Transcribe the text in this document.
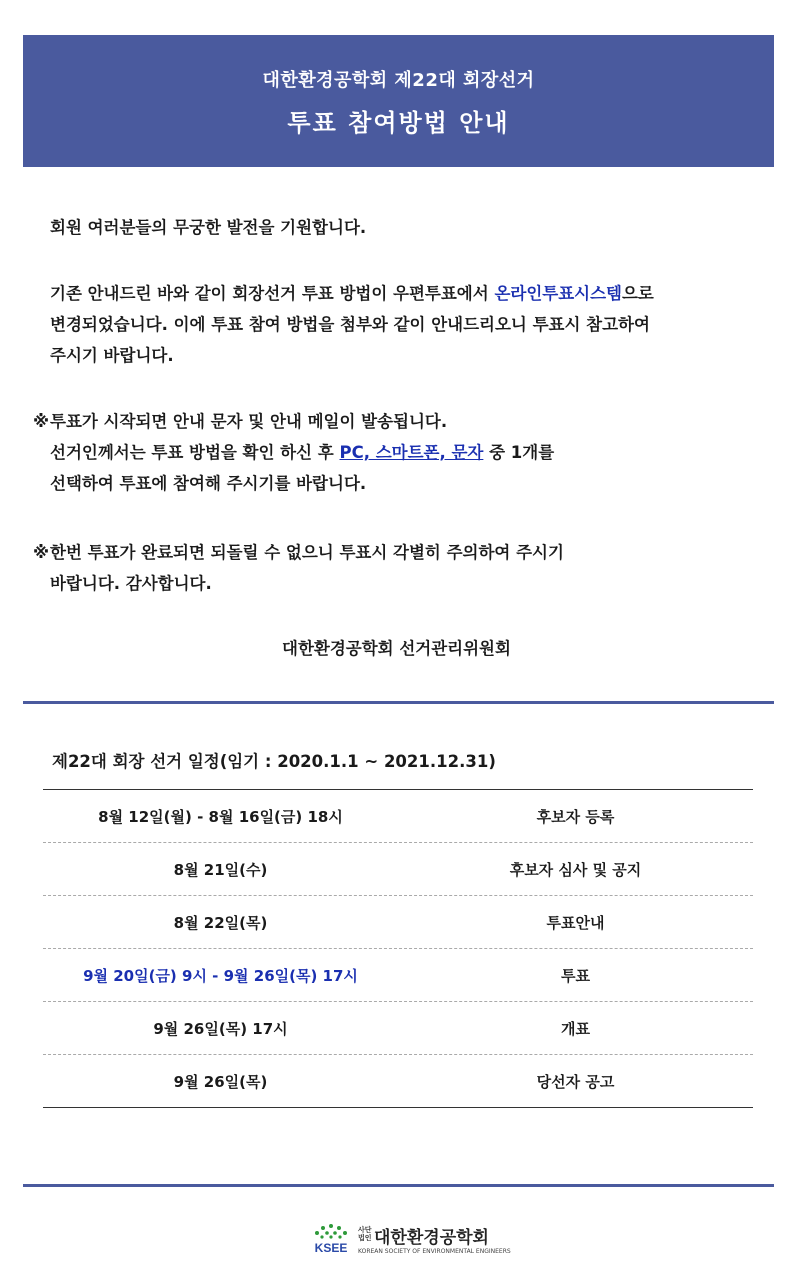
대한환경공학회 제22대 회장선거
투표 참여방법 안내
회원 여러분들의 무궁한 발전을 기원합니다.
기존 안내드린 바와 같이 회장선거 투표 방법이 우편투표에서 온라인투표시스템으로
변경되었습니다. 이에 투표 참여 방법을 첨부와 같이 안내드리오니 투표시 참고하여
주시기 바랍니다.
※ 투표가 시작되면 안내 문자 및 안내 메일이 발송됩니다.
선거인께서는 투표 방법을 확인 하신 후 PC, 스마트폰, 문자 중 1개를
선택하여 투표에 참여해 주시기를 바랍니다.
※ 한번 투표가 완료되면 되돌릴 수 없으니 투표시 각별히 주의하여 주시기
바랍니다. 감사합니다.
대한환경공학회 선거관리위원회
제22대 회장 선거 일정(임기 : 2020.1.1 ~ 2021.12.31)
8월 12일(월) - 8월 16일(금) 18시	후보자 등록
8월 21일(수)	후보자 심사 및 공지
8월 22일(목)	투표안내
9월 20일(금) 9시 - 9월 26일(목) 17시	투표
9월 26일(목) 17시	개표
9월 26일(목)	당선자 공고
KSEE
사단
법인 대한환경공학회
KOREAN SOCIETY OF ENVIRONMENTAL ENGINEERS
